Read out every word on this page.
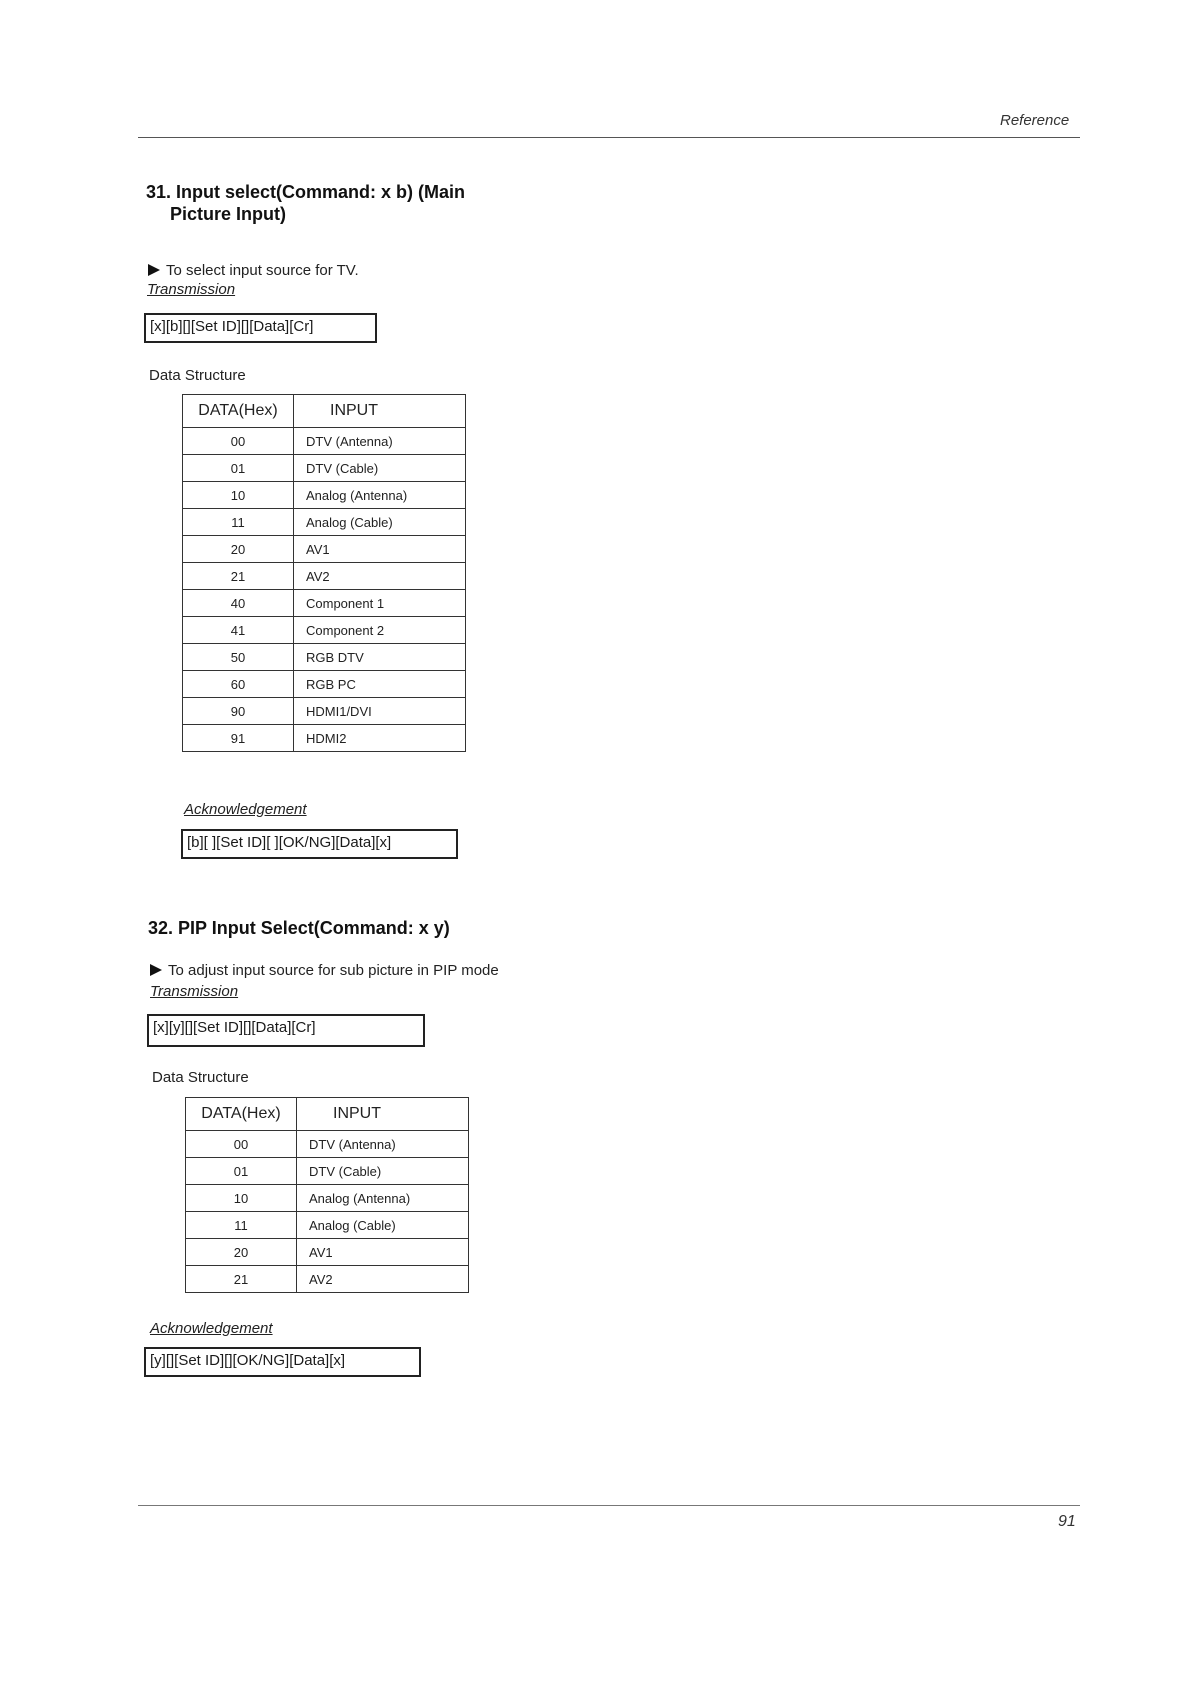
Reference
31. Input select(Command: x b) (Main
Picture Input)
To select input source for TV.
Transmission
[x][b][][Set ID][][Data][Cr]
Data Structure
DATA(Hex)	INPUT
00	DTV (Antenna)
01	DTV (Cable)
10	Analog (Antenna)
11	Analog (Cable)
20	AV1
21	AV2
40	Component 1
41	Component 2
50	RGB DTV
60	RGB PC
90	HDMI1/DVI
91	HDMI2
Acknowledgement
[b][ ][Set ID][ ][OK/NG][Data][x]
32. PIP Input Select(Command: x y)
To adjust input source for sub picture in PIP mode
Transmission
[x][y][][Set ID][][Data][Cr]
Data Structure
DATA(Hex)	INPUT
00	DTV (Antenna)
01	DTV (Cable)
10	Analog (Antenna)
11	Analog (Cable)
20	AV1
21	AV2
Acknowledgement
[y][][Set ID][][OK/NG][Data][x]
91
